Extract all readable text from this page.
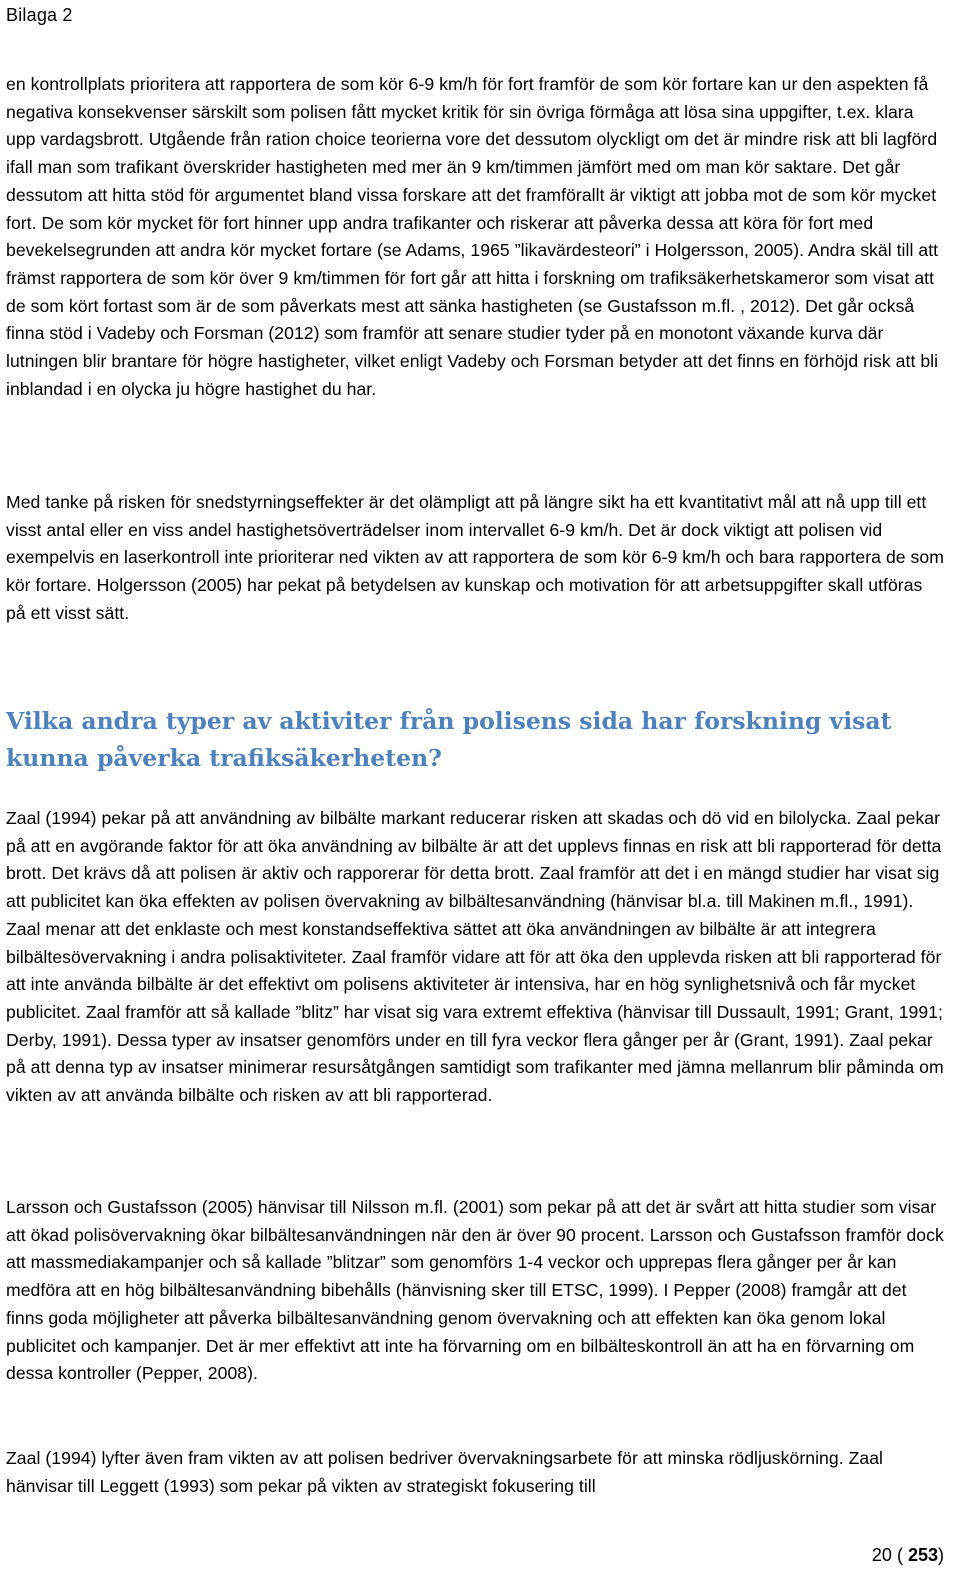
Bilaga 2

en kontrollplats prioritera att rapportera de som kör 6-9 km/h för fort framför de som kör fortare kan ur den aspekten få negativa konsekvenser särskilt som polisen fått mycket kritik för sin övriga förmåga att lösa sina uppgifter, t.ex. klara upp vardagsbrott. Utgående från ration choice teorierna vore det dessutom olyckligt om det är mindre risk att bli lagförd ifall man som trafikant överskrider hastigheten med mer än 9 km/timmen jämfört med om man kör saktare. Det går dessutom att hitta stöd för argumentet bland vissa forskare att det framförallt är viktigt att jobba mot de som kör mycket fort. De som kör mycket för fort hinner upp andra trafikanter och riskerar att påverka dessa att köra för fort med bevekelsegrunden att andra kör mycket fortare (se Adams, 1965 ”likavärdesteori” i Holgersson, 2005). Andra skäl till att främst rapportera de som kör över 9 km/timmen för fort går att hitta i forskning om trafiksäkerhetskameror som visat att de som kört fortast som är de som påverkats mest att sänka hastigheten (se Gustafsson m.fl. , 2012). Det går också finna stöd i Vadeby och Forsman (2012) som framför att senare studier tyder på en monotont växande kurva där lutningen blir brantare för högre hastigheter, vilket enligt Vadeby och Forsman betyder att det finns en förhöjd risk att bli inblandad i en olycka ju högre hastighet du har.

Med tanke på risken för snedstyrningseffekter är det olämpligt att på längre sikt ha ett kvantitativt mål att nå upp till ett visst antal eller en viss andel hastighetsöverträdelser inom intervallet 6-9 km/h. Det är dock viktigt att polisen vid exempelvis en laserkontroll inte prioriterar ned vikten av att rapportera de som kör 6-9 km/h och bara rapportera de som kör fortare. Holgersson (2005) har pekat på betydelsen av kunskap och motivation för att arbetsuppgifter skall utföras på ett visst sätt.

Vilka andra typer av aktiviter från polisens sida har forskning visat kunna påverka trafiksäkerheten?

Zaal (1994) pekar på att användning av bilbälte markant reducerar risken att skadas och dö vid en bilolycka. Zaal pekar på att en avgörande faktor för att öka användning av bilbälte är att det upplevs finnas en risk att bli rapporterad för detta brott. Det krävs då att polisen är aktiv och rapporerar för detta brott. Zaal framför att det i en mängd studier har visat sig att publicitet kan öka effekten av polisen övervakning av bilbältesanvändning (hänvisar bl.a. till Makinen m.fl., 1991). Zaal menar att det enklaste och mest konstandseffektiva sättet att öka användningen av bilbälte är att integrera bilbältesövervakning i andra polisaktiviteter. Zaal framför vidare att för att öka den upplevda risken att bli rapporterad för att inte använda bilbälte är det effektivt om polisens aktiviteter är intensiva, har en hög synlighetsnivå och får mycket publicitet. Zaal framför att så kallade ”blitz” har visat sig vara extremt effektiva (hänvisar till Dussault, 1991; Grant, 1991; Derby, 1991). Dessa typer av insatser genomförs under en till fyra veckor flera gånger per år (Grant, 1991). Zaal pekar på att denna typ av insatser minimerar resursåtgången samtidigt som trafikanter med jämna mellanrum blir påminda om vikten av att använda bilbälte och risken av att bli rapporterad.

Larsson och Gustafsson (2005) hänvisar till Nilsson m.fl. (2001) som pekar på att det är svårt att hitta studier som visar att ökad polisövervakning ökar bilbältesanvändningen när den är över 90 procent. Larsson och Gustafsson framför dock att massmediakampanjer och så kallade ”blitzar” som genomförs 1-4 veckor och upprepas flera gånger per år kan medföra att en hög bilbältesanvändning bibehålls (hänvisning sker till ETSC, 1999). I Pepper (2008) framgår att det finns goda möjligheter att påverka bilbältesanvändning genom övervakning och att effekten kan öka genom lokal publicitet och kampanjer. Det är mer effektivt att inte ha förvarning om en bilbälteskontroll än att ha en förvarning om dessa kontroller (Pepper, 2008).

Zaal (1994) lyfter även fram vikten av att polisen bedriver övervakningsarbete för att minska rödljuskörning. Zaal hänvisar till Leggett (1993) som pekar på vikten av strategiskt fokusering till

20 ( 253)
